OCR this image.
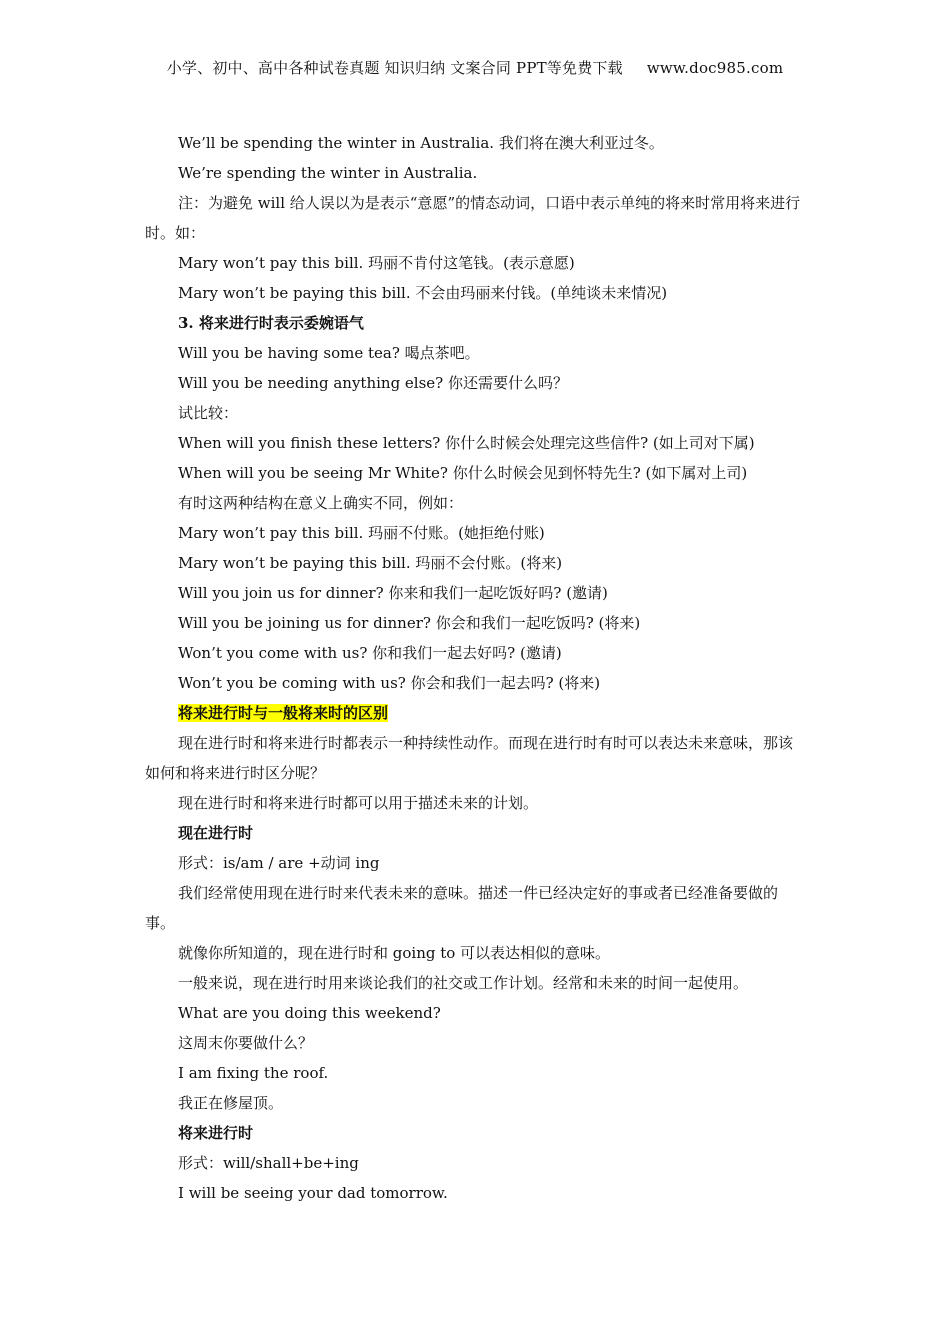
小学、初中、高中各种试卷真题 知识归纳 文案合同 PPT等免费下载 www.doc985.com

We’ll be spending the winter in Australia. 我们将在澳大利亚过冬。

We’re spending the winter in Australia.

注：为避免 will 给人误以为是表示“意愿”的情态动词，口语中表示单纯的将来时常用将来进行时。如：

Mary won’t pay this bill. 玛丽不肯付这笔钱。(表示意愿)

Mary won’t be paying this bill. 不会由玛丽来付钱。(单纯谈未来情况)

3. 将来进行时表示委婉语气

Will you be having some tea? 喝点茶吧。

Will you be needing anything else? 你还需要什么吗？

试比较：

When will you finish these letters? 你什么时候会处理完这些信件? (如上司对下属)

When will you be seeing Mr White? 你什么时候会见到怀特先生? (如下属对上司)

有时这两种结构在意义上确实不同，例如：

Mary won’t pay this bill. 玛丽不付账。(她拒绝付账)

Mary won’t be paying this bill. 玛丽不会付账。(将来)

Will you join us for dinner? 你来和我们一起吃饭好吗? (邀请)

Will you be joining us for dinner? 你会和我们一起吃饭吗? (将来)

Won’t you come with us? 你和我们一起去好吗? (邀请)

Won’t you be coming with us? 你会和我们一起去吗? (将来)

将来进行时与一般将来时的区别

现在进行时和将来进行时都表示一种持续性动作。而现在进行时有时可以表达未来意味，那该如何和将来进行时区分呢？

现在进行时和将来进行时都可以用于描述未来的计划。

现在进行时

形式：is/am / are +动词 ing

我们经常使用现在进行时来代表未来的意味。描述一件已经决定好的事或者已经准备要做的事。

就像你所知道的，现在进行时和 going to 可以表达相似的意味。

一般来说，现在进行时用来谈论我们的社交或工作计划。经常和未来的时间一起使用。

What are you doing this weekend?

这周末你要做什么？

I am fixing the roof.

我正在修屋顶。

将来进行时

形式：will/shall+be+ing

I will be seeing your dad tomorrow.
